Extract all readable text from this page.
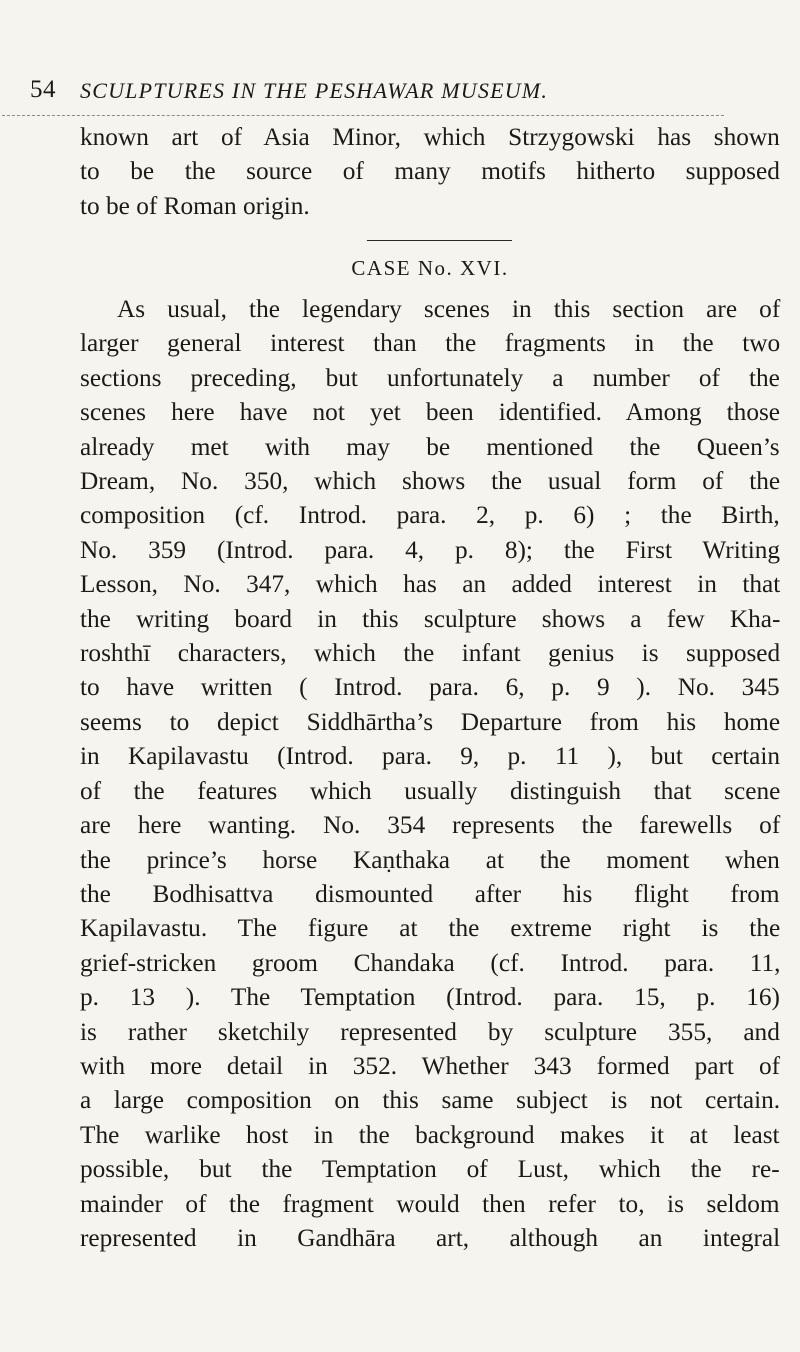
54 SCULPTURES IN THE PESHAWAR MUSEUM.
known art of Asia Minor, which Strzygowski has shown
to be the source of many motifs hitherto supposed
to be of Roman origin.
CASE No. XVI.
As usual, the legendary scenes in this section are of
larger general interest than the fragments in the two
sections preceding, but unfortunately a number of the
scenes here have not yet been identified. Among those
already met with may be mentioned the Queen’s
Dream, No. 350, which shows the usual form of the
composition (cf. Introd. para. 2, p. 6) ; the Birth,
No. 359 (Introd. para. 4, p. 8); the First Writing
Lesson, No. 347, which has an added interest in that
the writing board in this sculpture shows a few Kha-
roshthī characters, which the infant genius is supposed
to have written ( Introd. para. 6, p. 9 ). No. 345
seems to depict Siddhārtha’s Departure from his home
in Kapilavastu (Introd. para. 9, p. 11 ), but certain
of the features which usually distinguish that scene
are here wanting. No. 354 represents the farewells of
the prince’s horse Kaṇthaka at the moment when
the Bodhisattva dismounted after his flight from
Kapilavastu. The figure at the extreme right is the
grief-stricken groom Chandaka (cf. Introd. para. 11,
p. 13 ). The Temptation (Introd. para. 15, p. 16)
is rather sketchily represented by sculpture 355, and
with more detail in 352. Whether 343 formed part of
a large composition on this same subject is not certain.
The warlike host in the background makes it at least
possible, but the Temptation of Lust, which the re-
mainder of the fragment would then refer to, is seldom
represented in Gandhāra art, although an integral
